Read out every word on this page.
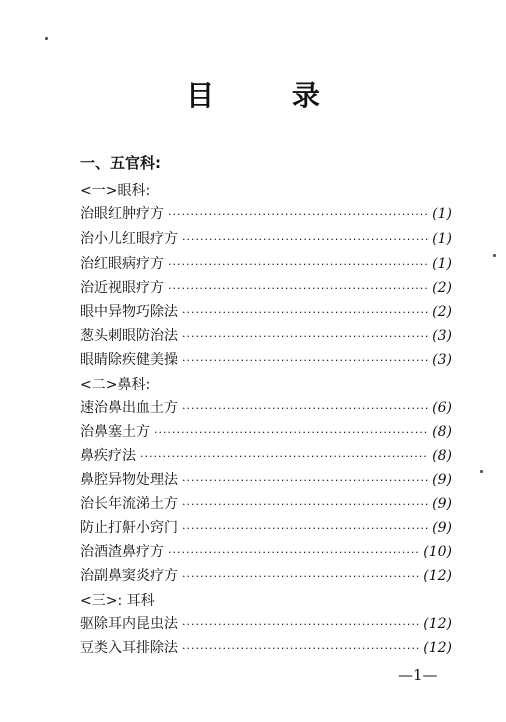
目 录
一、五官科:
<一>眼科:
治眼红肿疗方 ·····	(1)
治小儿红眼疗方 ·····	(1)
治红眼病疗方 ·····	(1)
治近视眼疗方 ·····	(2)
眼中异物巧除法 ·····	(2)
葱头刺眼防治法 ·····	(3)
眼睛除疾健美操 ·····	(3)
<二>鼻科:
速治鼻出血土方 ·····	(6)
治鼻塞土方 ·····	(8)
鼻疾疗法 ·····	(8)
鼻腔异物处理法 ·····	(9)
治长年流涕土方 ·····	(9)
防止打鼾小窍门 ·····	(9)
治酒渣鼻疗方 ·····	(10)
治副鼻窦炎疗方 ·····	(12)
<三>: 耳科
驱除耳内昆虫法 ·····	(12)
豆类入耳排除法 ·····	(12)
—1—
